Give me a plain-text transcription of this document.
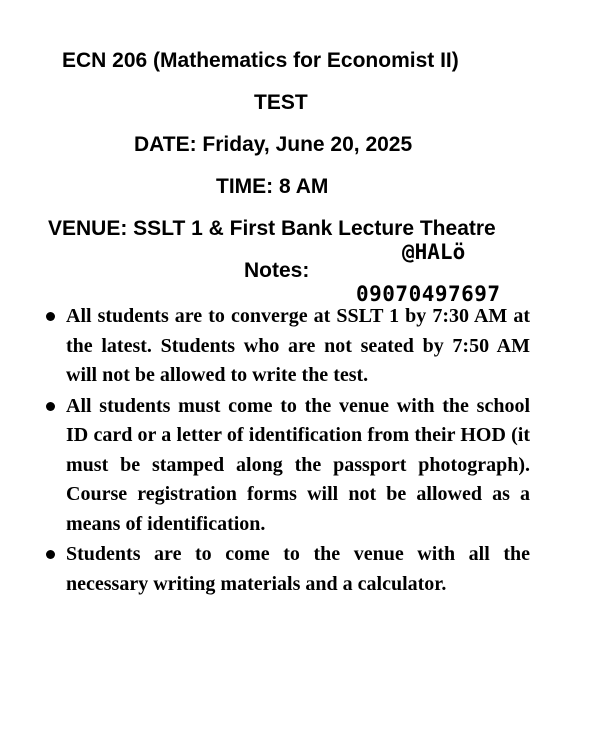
ECN 206 (Mathematics for Economist II)
TEST
DATE: Friday, June 20, 2025
TIME: 8 AM
VENUE: SSLT 1 & First Bank Lecture Theatre
Notes:
@HALö
09070497697
All students are to converge at SSLT 1 by 7:30 AM at the latest. Students who are not seated by 7:50 AM will not be allowed to write the test.
All students must come to the venue with the school ID card or a letter of identification from their HOD (it must be stamped along the passport photograph). Course registration forms will not be allowed as a means of identification.
Students are to come to the venue with all the necessary writing materials and a calculator.
